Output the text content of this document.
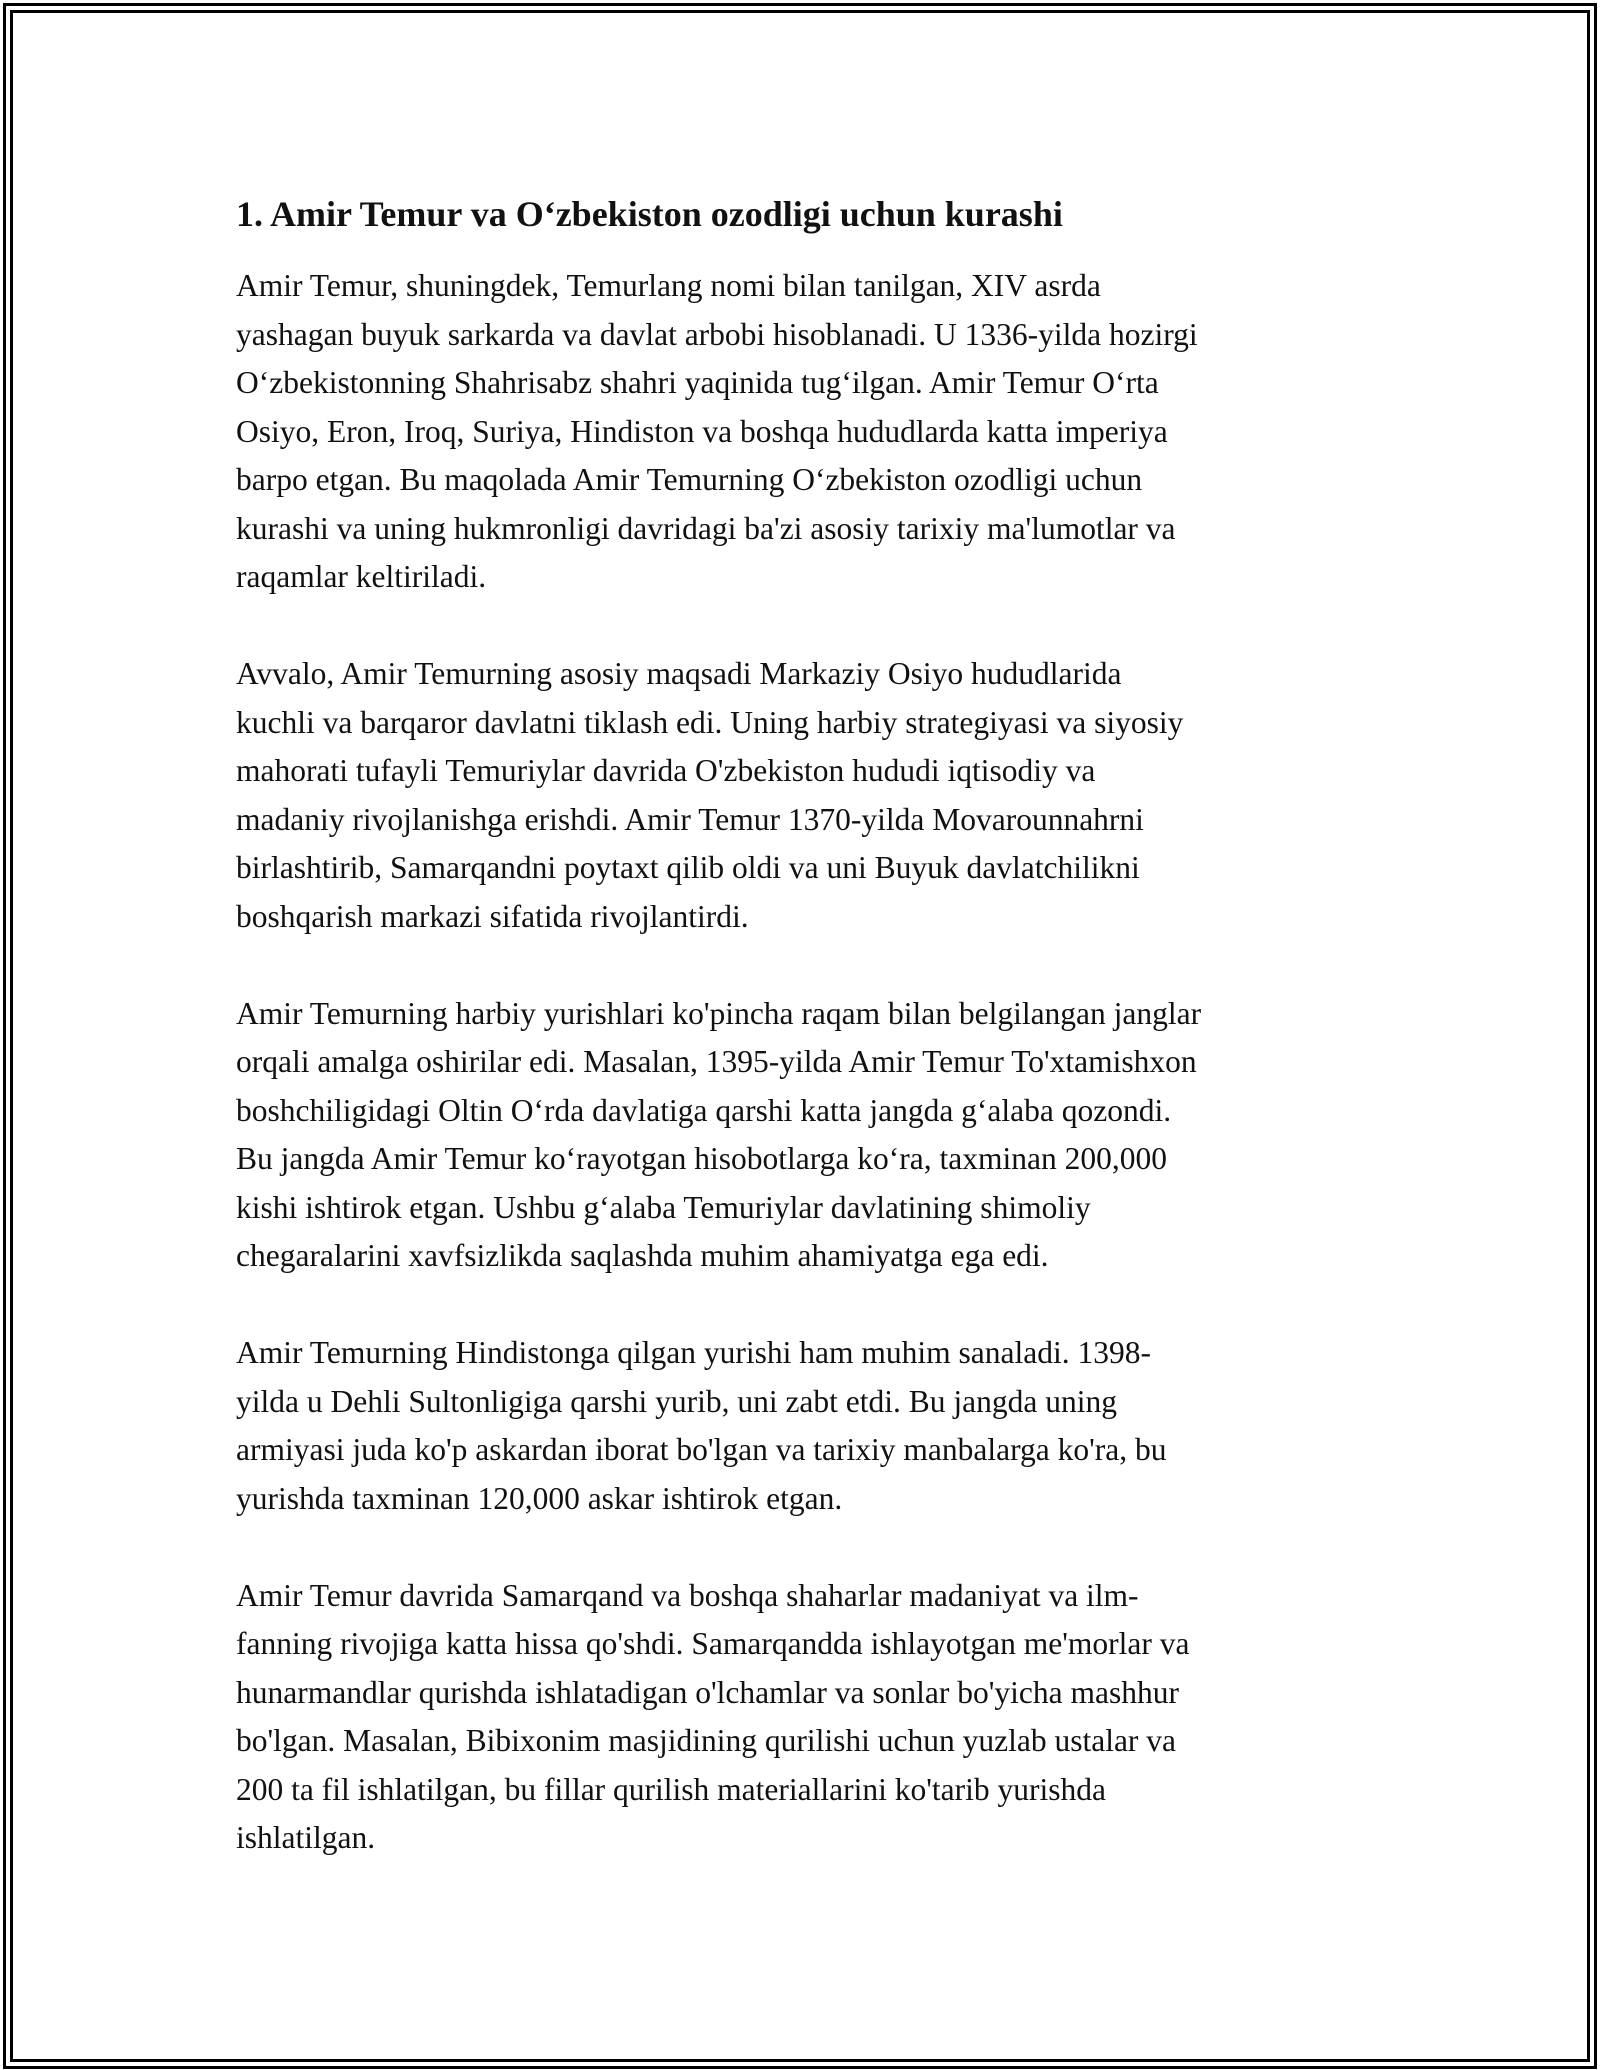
1. Amir Temur va O‘zbekiston ozodligi uchun kurashi
Amir Temur, shuningdek, Temurlang nomi bilan tanilgan, XIV asrda
yashagan buyuk sarkarda va davlat arbobi hisoblanadi. U 1336-yilda hozirgi
O‘zbekistonning Shahrisabz shahri yaqinida tug‘ilgan. Amir Temur O‘rta
Osiyo, Eron, Iroq, Suriya, Hindiston va boshqa hududlarda katta imperiya
barpo etgan. Bu maqolada Amir Temurning O‘zbekiston ozodligi uchun
kurashi va uning hukmronligi davridagi ba'zi asosiy tarixiy ma'lumotlar va
raqamlar keltiriladi.
Avvalo, Amir Temurning asosiy maqsadi Markaziy Osiyo hududlarida
kuchli va barqaror davlatni tiklash edi. Uning harbiy strategiyasi va siyosiy
mahorati tufayli Temuriylar davrida O'zbekiston hududi iqtisodiy va
madaniy rivojlanishga erishdi. Amir Temur 1370-yilda Movarounnahrni
birlashtirib, Samarqandni poytaxt qilib oldi va uni Buyuk davlatchilikni
boshqarish markazi sifatida rivojlantirdi.
Amir Temurning harbiy yurishlari ko'pincha raqam bilan belgilangan janglar
orqali amalga oshirilar edi. Masalan, 1395-yilda Amir Temur To'xtamishxon
boshchiligidagi Oltin O‘rda davlatiga qarshi katta jangda g‘alaba qozondi.
Bu jangda Amir Temur ko‘rayotgan hisobotlarga ko‘ra, taxminan 200,000
kishi ishtirok etgan. Ushbu g‘alaba Temuriylar davlatining shimoliy
chegaralarini xavfsizlikda saqlashda muhim ahamiyatga ega edi.
Amir Temurning Hindistonga qilgan yurishi ham muhim sanaladi. 1398-
yilda u Dehli Sultonligiga qarshi yurib, uni zabt etdi. Bu jangda uning
armiyasi juda ko'p askardan iborat bo'lgan va tarixiy manbalarga ko'ra, bu
yurishda taxminan 120,000 askar ishtirok etgan.
Amir Temur davrida Samarqand va boshqa shaharlar madaniyat va ilm-
fanning rivojiga katta hissa qo'shdi. Samarqandda ishlayotgan me'morlar va
hunarmandlar qurishda ishlatadigan o'lchamlar va sonlar bo'yicha mashhur
bo'lgan. Masalan, Bibixonim masjidining qurilishi uchun yuzlab ustalar va
200 ta fil ishlatilgan, bu fillar qurilish materiallarini ko'tarib yurishda
ishlatilgan.
